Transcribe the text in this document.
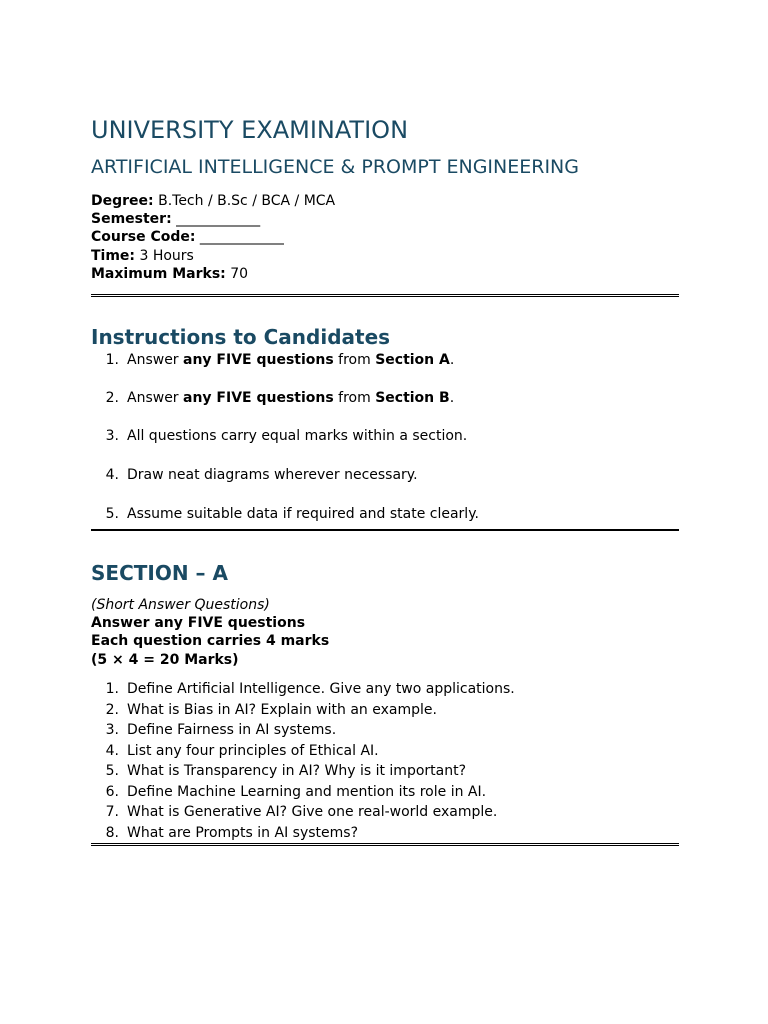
UNIVERSITY EXAMINATION
ARTIFICIAL INTELLIGENCE & PROMPT ENGINEERING
Degree: B.Tech / B.Sc / BCA / MCA
Semester: ____________
Course Code: ____________
Time: 3 Hours
Maximum Marks: 70
Instructions to Candidates
1. Answer any FIVE questions from Section A.
2. Answer any FIVE questions from Section B.
3. All questions carry equal marks within a section.
4. Draw neat diagrams wherever necessary.
5. Assume suitable data if required and state clearly.
SECTION – A
(Short Answer Questions)
Answer any FIVE questions
Each question carries 4 marks
(5 × 4 = 20 Marks)
1. Define Artificial Intelligence. Give any two applications.
2. What is Bias in AI? Explain with an example.
3. Define Fairness in AI systems.
4. List any four principles of Ethical AI.
5. What is Transparency in AI? Why is it important?
6. Define Machine Learning and mention its role in AI.
7. What is Generative AI? Give one real-world example.
8. What are Prompts in AI systems?
